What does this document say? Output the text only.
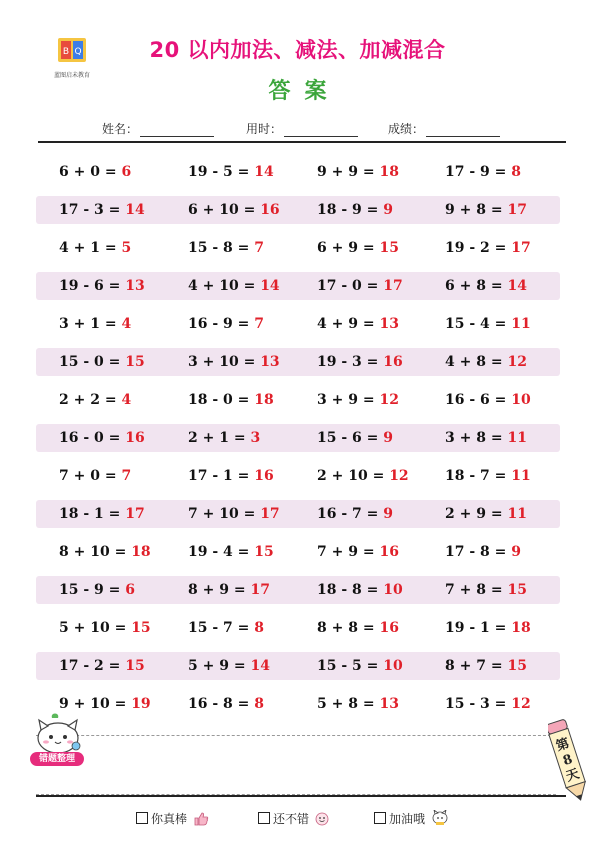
B Q
蓝图启未教育
20 以内加法、减法、加减混合
答案
姓名：	用时：	成绩：
6 + 0 = 6	19 - 5 = 14	9 + 9 = 18	17 - 9 = 8
17 - 3 = 14	6 + 10 = 16	18 - 9 = 9	9 + 8 = 17
4 + 1 = 5	15 - 8 = 7	6 + 9 = 15	19 - 2 = 17
19 - 6 = 13	4 + 10 = 14	17 - 0 = 17	6 + 8 = 14
3 + 1 = 4	16 - 9 = 7	4 + 9 = 13	15 - 4 = 11
15 - 0 = 15	3 + 10 = 13	19 - 3 = 16	4 + 8 = 12
2 + 2 = 4	18 - 0 = 18	3 + 9 = 12	16 - 6 = 10
16 - 0 = 16	2 + 1 = 3	15 - 6 = 9	3 + 8 = 11
7 + 0 = 7	17 - 1 = 16	2 + 10 = 12	18 - 7 = 11
18 - 1 = 17	7 + 10 = 17	16 - 7 = 9	2 + 9 = 11
8 + 10 = 18	19 - 4 = 15	7 + 9 = 16	17 - 8 = 9
15 - 9 = 6	8 + 9 = 17	18 - 8 = 10	7 + 8 = 15
5 + 10 = 15	15 - 7 = 8	8 + 8 = 16	19 - 1 = 18
17 - 2 = 15	5 + 9 = 14	15 - 5 = 10	8 + 7 = 15
9 + 10 = 19	16 - 8 = 8	5 + 8 = 13	15 - 3 = 12
错题整理
第
8
天
你真棒	还不错	加油哦
